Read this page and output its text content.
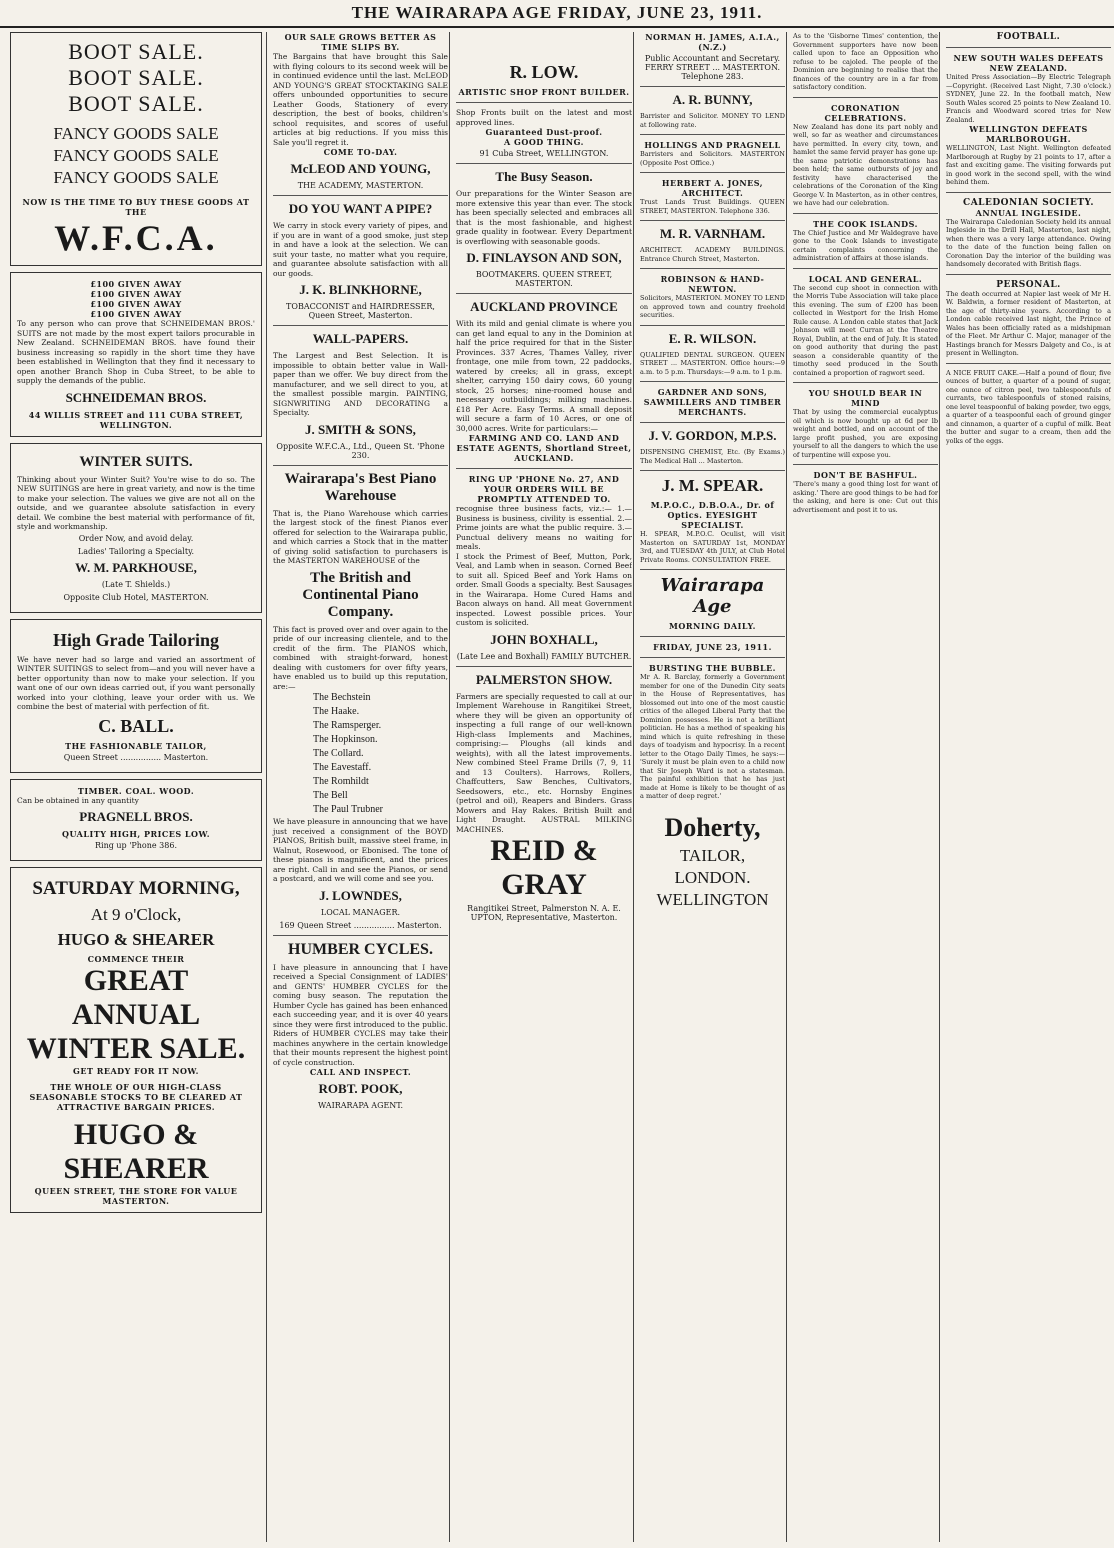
THE WAIRARAPA AGE FRIDAY, JUNE 23, 1911.
BOOT SALE.
BOOT SALE.
BOOT SALE.
FANCY GOODS SALE
FANCY GOODS SALE
FANCY GOODS SALE
NOW IS THE TIME TO BUY THESE GOODS AT THE
W.F.C.A.
£100 GIVEN AWAY
£100 GIVEN AWAY
£100 GIVEN AWAY
£100 GIVEN AWAY
To any person who can prove that SCHNEIDEMAN BROS.' SUITS are not made by the most expert tailors procurable in New Zealand. SCHNEIDEMAN BROS. have found their business increasing so rapidly in the short time they have been established in Wellington that they find it necessary to open another Branch Shop in Cuba Street, to be able to supply the demands of the public.
SCHNEIDEMAN BROS.
44 WILLIS STREET and 111 CUBA STREET, WELLINGTON.
WINTER SUITS.
Thinking about your Winter Suit? You're wise to do so. The NEW SUITINGS are here in great variety, and now is the time to make your selection. The values we give are not all on the outside, and we guarantee absolute satisfaction in every detail. We combine the best material with performance of fit, style and workmanship.
Order Now, and avoid delay.
Ladies' Tailoring a Specialty.
W. M. PARKHOUSE,
(Late T. Shields.)
Opposite Club Hotel, MASTERTON.
High Grade Tailoring
We have never had so large and varied an assortment of WINTER SUITINGS to select from—and you will never have a better opportunity than now to make your selection. If you want one of our own ideas carried out, if you want personally worked into your clothing, leave your order with us. We combine the best of material with perfection of fit.
C. BALL.
THE FASHIONABLE TAILOR,
Queen Street ................ Masterton.
TIMBER. COAL. WOOD.
Can be obtained in any quantity
PRAGNELL BROS.
QUALITY HIGH, PRICES LOW.
Ring up 'Phone 386.
SATURDAY MORNING,
At 9 o'Clock,
HUGO & SHEARER
COMMENCE THEIR
GREAT ANNUAL WINTER SALE.
GET READY FOR IT NOW.
THE WHOLE OF OUR HIGH-CLASS SEASONABLE STOCKS TO BE CLEARED AT ATTRACTIVE BARGAIN PRICES.
HUGO & SHEARER
QUEEN STREET, THE STORE FOR VALUE MASTERTON.
OUR SALE GROWS BETTER AS TIME SLIPS BY.
The Bargains that have brought this Sale with flying colours to its second week will be in continued evidence until the last. McLEOD AND YOUNG'S GREAT STOCKTAKING SALE offers unbounded opportunities to secure Leather Goods, Stationery of every description, the best of books, children's school requisites, and scores of useful articles at big reductions. If you miss this Sale you'll regret it.
COME TO-DAY.
McLEOD AND YOUNG,
THE ACADEMY, MASTERTON.
DO YOU WANT A PIPE?
We carry in stock every variety of pipes, and if you are in want of a good smoke, just step in and have a look at the selection. We can suit your taste, no matter what you require, and guarantee absolute satisfaction with all our goods.
J. K. BLINKHORNE,
TOBACCONIST and HAIRDRESSER, Queen Street, Masterton.
WALL-PAPERS.
The Largest and Best Selection. It is impossible to obtain better value in Wall-paper than we offer. We buy direct from the manufacturer, and we sell direct to you, at the smallest possible margin. PAINTING, SIGNWRITING AND DECORATING a Specialty.
J. SMITH & SONS,
Opposite W.F.C.A., Ltd., Queen St. 'Phone 230.
Wairarapa's Best Piano Warehouse
That is, the Piano Warehouse which carries the largest stock of the finest Pianos ever offered for selection to the Wairarapa public, and which carries a Stock that in the matter of giving solid satisfaction to purchasers is the MASTERTON WAREHOUSE of the
The British and Continental Piano Company.
This fact is proved over and over again to the pride of our increasing clientele, and to the credit of the firm. The PIANOS which, combined with straight-forward, honest dealing with customers for over fifty years, have enabled us to build up this reputation, are:—
The Bechstein
The Haake.
The Ramsperger.
The Hopkinson.
The Collard.
The Eavestaff.
The Romhildt
The Bell
The Paul Trubner
We have pleasure in announcing that we have just received a consignment of the BOYD PIANOS, British built, massive steel frame, in Walnut, Rosewood, or Ebonised. The tone of these pianos is magnificent, and the prices are right. Call in and see the Pianos, or send a postcard, and we will come and see you.
J. LOWNDES,
LOCAL MANAGER.
169 Queen Street ................ Masterton.
HUMBER CYCLES.
I have pleasure in announcing that I have received a Special Consignment of LADIES' and GENTS' HUMBER CYCLES for the coming busy season. The reputation the Humber Cycle has gained has been enhanced each succeeding year, and it is over 40 years since they were first introduced to the public. Riders of HUMBER CYCLES may take their machines anywhere in the certain knowledge that their mounts represent the highest point of cycle construction.
CALL AND INSPECT.
ROBT. POOK,
WAIRARAPA AGENT.
R. LOW.
ARTISTIC SHOP FRONT BUILDER.
Shop Fronts built on the latest and most approved lines.
Guaranteed Dust-proof.
A GOOD THING.
91 Cuba Street, WELLINGTON.
The Busy Season.
Our preparations for the Winter Season are more extensive this year than ever. The stock has been specially selected and embraces all that is the most fashionable, and highest grade quality in footwear. Every Department is overflowing with seasonable goods.
D. FINLAYSON AND SON,
BOOTMAKERS. QUEEN STREET, MASTERTON.
AUCKLAND PROVINCE
With its mild and genial climate is where you can get land equal to any in the Dominion at half the price required for that in the Sister Provinces. 337 Acres, Thames Valley, river frontage, one mile from town, 22 paddocks, watered by creeks; all in grass, except shelter, carrying 150 dairy cows, 60 young stock, 25 horses; nine-roomed house and necessary outbuildings; milking machines. £18 Per Acre. Easy Terms. A small deposit will secure a farm of 10 Acres, or one of 30,000 acres. Write for particulars:—
FARMING AND CO. LAND AND ESTATE AGENTS, Shortland Street, AUCKLAND.
RING UP 'PHONE No. 27, AND YOUR ORDERS WILL BE PROMPTLY ATTENDED TO.
recognise three business facts, viz.:— 1.—Business is business, civility is essential. 2.—Prime joints are what the public require. 3.—Punctual delivery means no waiting for meals.
I stock the Primest of Beef, Mutton, Pork, Veal, and Lamb when in season. Corned Beef to suit all. Spiced Beef and York Hams on order. Small Goods a specialty. Best Sausages in the Wairarapa. Home Cured Hams and Bacon always on hand. All meat Government inspected. Lowest possible prices. Your custom is solicited.
JOHN BOXHALL,
(Late Lee and Boxhall) FAMILY BUTCHER.
PALMERSTON SHOW.
Farmers are specially requested to call at our Implement Warehouse in Rangitikei Street, where they will be given an opportunity of inspecting a full range of our well-known High-class Implements and Machines, comprising:— Ploughs (all kinds and weights), with all the latest improvements. New combined Steel Frame Drills (7, 9, 11 and 13 Coulters). Harrows, Rollers, Chaffcutters, Saw Benches, Cultivators, Seedsowers, etc., etc. Hornsby Engines (petrol and oil), Reapers and Binders. Grass Mowers and Hay Rakes. British Built and Light Draught. AUSTRAL MILKING MACHINES.
REID & GRAY
Rangitikei Street, Palmerston N. A. E. UPTON, Representative, Masterton.
NORMAN H. JAMES, A.I.A., (N.Z.)
Public Accountant and Secretary. FERRY STREET ... MASTERTON. Telephone 283.
A. R. BUNNY,
Barrister and Solicitor. MONEY TO LEND at following rate.
HOLLINGS AND PRAGNELL
Barristers and Solicitors. MASTERTON (Opposite Post Office.)
HERBERT A. JONES, ARCHITECT.
Trust Lands Trust Buildings. QUEEN STREET, MASTERTON. Telephone 336.
M. R. VARNHAM.
ARCHITECT. ACADEMY BUILDINGS. Entrance Church Street, Masterton.
ROBINSON & HAND-NEWTON.
Solicitors, MASTERTON. MONEY TO LEND on approved town and country freehold securities.
E. R. WILSON.
QUALIFIED DENTAL SURGEON. QUEEN STREET ... MASTERTON. Office hours:—9 a.m. to 5 p.m. Thursdays:—9 a.m. to 1 p.m.
GARDNER AND SONS, SAWMILLERS AND TIMBER MERCHANTS.
J. V. GORDON, M.P.S.
DISPENSING CHEMIST, Etc. (By Exams.) The Medical Hall ... Masterton.
J. M. SPEAR.
M.P.O.C., D.B.O.A., Dr. of Optics. EYESIGHT SPECIALIST.
H. SPEAR, M.P.O.C. Oculist, will visit Masterton on SATURDAY 1st, MONDAY 3rd, and TUESDAY 4th JULY, at Club Hotel Private Rooms. CONSULTATION FREE.
Wairarapa Age
MORNING DAILY.
FRIDAY, JUNE 23, 1911.
BURSTING THE BUBBLE.
Mr A. R. Barclay, formerly a Government member for one of the Dunedin City seats in the House of Representatives, has blossomed out into one of the most caustic critics of the alleged Liberal Party that the Dominion possesses. He is not a brilliant politician. He has a method of speaking his mind which is quite refreshing in these days of toadyism and hypocrisy. In a recent letter to the Otago Daily Times, he says:— 'Surely it must be plain even to a child now that Sir Joseph Ward is not a statesman. The painful exhibition that he has just made at Home is likely to be thought of as a matter of deep regret.'
Doherty,
TAILOR,
LONDON.
WELLINGTON
As to the 'Gisborne Times' contention, the Government supporters have now been called upon to face an Opposition who refuse to be cajoled. The people of the Dominion are beginning to realise that the finances of the country are in a far from satisfactory condition.
CORONATION CELEBRATIONS.
New Zealand has done its part nobly and well, so far as weather and circumstances have permitted. In every city, town, and hamlet the same fervid prayer has gone up: the same patriotic demonstrations has been held; the same outbursts of joy and festivity have characterised the celebrations of the Coronation of the King George V. In Masterton, as in other centres, we have had our celebration.
THE COOK ISLANDS.
The Chief Justice and Mr Waldegrave have gone to the Cook Islands to investigate certain complaints concerning the administration of affairs at those islands.
LOCAL AND GENERAL.
The second cup shoot in connection with the Morris Tube Association will take place this evening. The sum of £200 has been collected in Westport for the Irish Home Rule cause. A London cable states that Jack Johnson will meet Curran at the Theatre Royal, Dublin, at the end of July. It is stated on good authority that during the past season a considerable quantity of the timothy seed produced in the South contained a proportion of ragwort seed.
YOU SHOULD BEAR IN MIND
That by using the commercial eucalyptus oil which is now bought up at 6d per lb weight and bottled, and on account of the large profit pushed, you are exposing yourself to all the dangers to which the use of turpentine will expose you.
DON'T BE BASHFUL.
'There's many a good thing lost for want of asking.' There are good things to be had for the asking, and here is one: Cut out this advertisement and post it to us.
FOOTBALL.
NEW SOUTH WALES DEFEATS NEW ZEALAND.
United Press Association—By Electric Telegraph—Copyright. (Received Last Night, 7.30 o'clock.) SYDNEY, June 22. In the football match, New South Wales scored 25 points to New Zealand 10. Francis and Woodward scored tries for New Zealand.
WELLINGTON DEFEATS MARLBOROUGH.
WELLINGTON, Last Night. Wellington defeated Marlborough at Rugby by 21 points to 17, after a fast and exciting game. The visiting forwards put in good work in the second spell, with the wind behind them.
CALEDONIAN SOCIETY.
ANNUAL INGLESIDE.
The Wairarapa Caledonian Society held its annual Ingleside in the Drill Hall, Masterton, last night, when there was a very large attendance. Owing to the date of the function being fallen on Coronation Day the interior of the building was handsomely decorated with British flags.
PERSONAL.
The death occurred at Napier last week of Mr H. W. Baldwin, a former resident of Masterton, at the age of thirty-nine years. According to a London cable received last night, the Prince of Wales has been officially rated as a midshipman of the Fleet. Mr Arthur C. Major, manager of the Hastings branch for Messrs Dalgety and Co., is at present in Wellington.
A NICE FRUIT CAKE.—Half a pound of flour, five ounces of butter, a quarter of a pound of sugar, one ounce of citron peel, two tablespoonfuls of currants, two tablespoonfuls of stoned raisins, one level teaspoonful of baking powder, two eggs, a quarter of a teaspoonful each of ground ginger and cinnamon, a quarter of a cupful of milk. Beat the butter and sugar to a cream, then add the yolks of the eggs.
